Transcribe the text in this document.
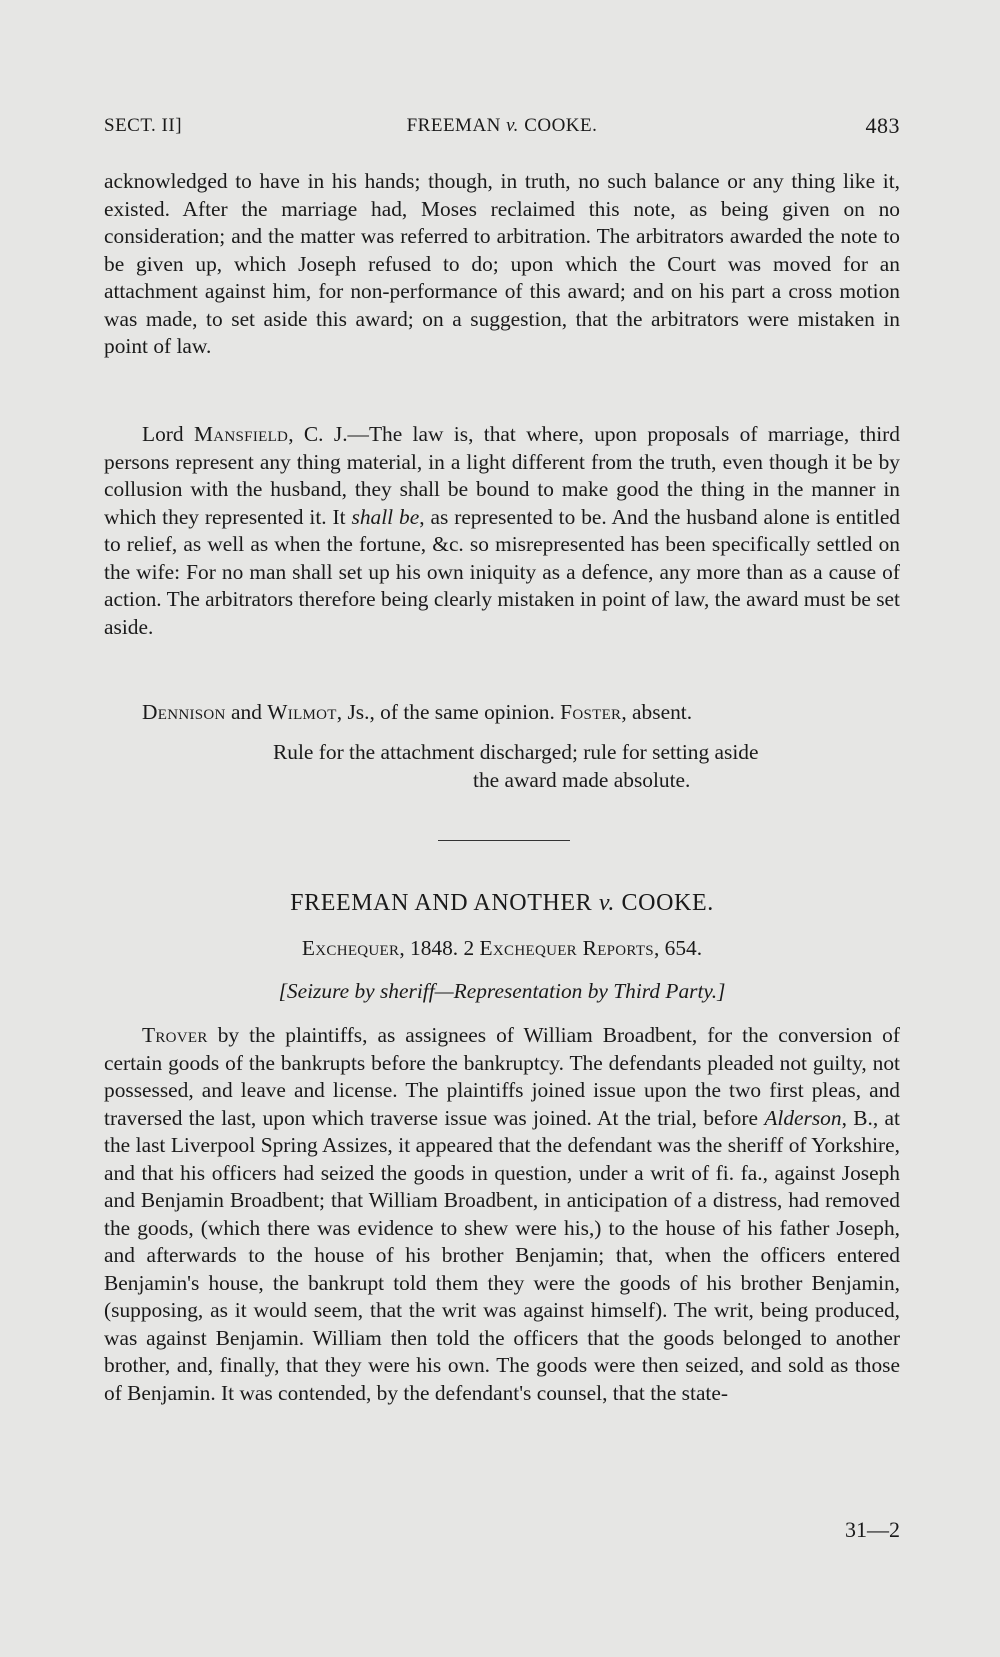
SECT. II]	FREEMAN v. COOKE.	483
acknowledged to have in his hands; though, in truth, no such balance or any thing like it, existed. After the marriage had, Moses reclaimed this note, as being given on no consideration; and the matter was referred to arbitration. The arbitrators awarded the note to be given up, which Joseph refused to do; upon which the Court was moved for an attachment against him, for non-performance of this award; and on his part a cross motion was made, to set aside this award; on a suggestion, that the arbitrators were mistaken in point of law.
Lord Mansfield, C. J.—The law is, that where, upon proposals of marriage, third persons represent any thing material, in a light different from the truth, even though it be by collusion with the husband, they shall be bound to make good the thing in the manner in which they represented it. It shall be, as represented to be. And the husband alone is entitled to relief, as well as when the fortune, &c. so misrepresented has been specifically settled on the wife: For no man shall set up his own iniquity as a defence, any more than as a cause of action. The arbitrators therefore being clearly mistaken in point of law, the award must be set aside.
Dennison and Wilmot, Js., of the same opinion. Foster, absent.
Rule for the attachment discharged; rule for setting aside
the award made absolute.
FREEMAN AND ANOTHER v. COOKE.
Exchequer, 1848. 2 Exchequer Reports, 654.
[Seizure by sheriff—Representation by Third Party.]
Trover by the plaintiffs, as assignees of William Broadbent, for the conversion of certain goods of the bankrupts before the bankruptcy. The defendants pleaded not guilty, not possessed, and leave and license. The plaintiffs joined issue upon the two first pleas, and traversed the last, upon which traverse issue was joined. At the trial, before Alderson, B., at the last Liverpool Spring Assizes, it appeared that the defendant was the sheriff of Yorkshire, and that his officers had seized the goods in question, under a writ of fi. fa., against Joseph and Benjamin Broadbent; that William Broadbent, in anticipation of a distress, had removed the goods, (which there was evidence to shew were his,) to the house of his father Joseph, and afterwards to the house of his brother Benjamin; that, when the officers entered Benjamin's house, the bankrupt told them they were the goods of his brother Benjamin, (supposing, as it would seem, that the writ was against himself). The writ, being produced, was against Benjamin. William then told the officers that the goods belonged to another brother, and, finally, that they were his own. The goods were then seized, and sold as those of Benjamin. It was contended, by the defendant's counsel, that the state-
31—2
